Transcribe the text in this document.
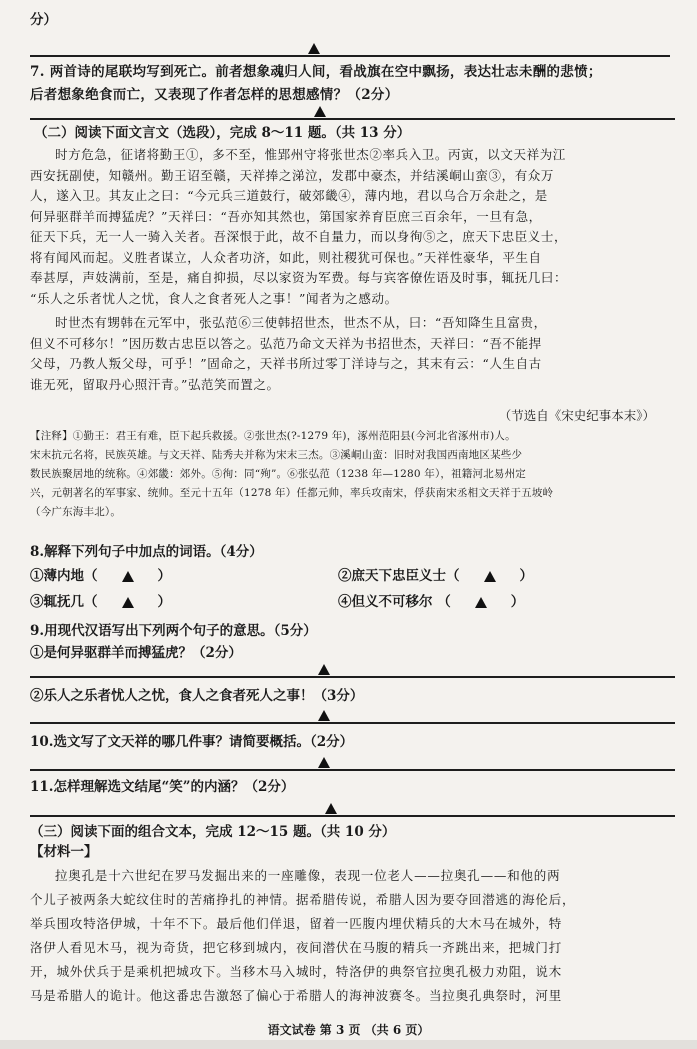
分）
7. 两首诗的尾联均写到死亡。前者想象魂归人间，看战旗在空中飘扬，表达壮志未酬的悲愤；
后者想象绝食而亡，又表现了作者怎样的思想感情？（2分）
（二）阅读下面文言文（选段），完成 8～11 题。（共 13 分）
时方危急，征诸将勤王①，多不至，惟郢州守将张世杰②率兵入卫。丙寅，以文天祥为江
西安抚副使，知赣州。勤王诏至赣，天祥捧之涕泣，发郡中豪杰，并结溪峒山蛮③，有众万
人，遂入卫。其友止之曰：“今元兵三道鼓行，破郊畿④，薄内地，君以乌合万余赴之，是
何异驱群羊而搏猛虎？”天祥曰：“吾亦知其然也，第国家养育臣庶三百余年，一旦有急，
征天下兵，无一人一骑入关者。吾深恨于此，故不自量力，而以身徇⑤之，庶天下忠臣义士，
将有闻风而起。义胜者谋立，人众者功济，如此，则社稷犹可保也。”天祥性豪华，平生自
奉甚厚，声妓满前，至是，痛自抑损，尽以家资为军费。每与宾客僚佐语及时事，辄抚几曰：
“乐人之乐者忧人之忧，食人之食者死人之事！”闻者为之感动。
时世杰有甥韩在元军中，张弘范⑥三使韩招世杰，世杰不从，曰：“吾知降生且富贵，
但义不可移尔！”因历数古忠臣以答之。弘范乃命文天祥为书招世杰，天祥曰：“吾不能捍
父母，乃教人叛父母，可乎！”固命之，天祥书所过零丁洋诗与之，其末有云：“人生自古
谁无死，留取丹心照汗青。”弘范笑而置之。
（节选自《宋史纪事本末》）
【注释】①勤王：君王有难，臣下起兵救援。②张世杰(?-1279 年)，涿州范阳县(今河北省涿州市)人。
宋末抗元名将，民族英雄。与文天祥、陆秀夫并称为宋末三杰。③溪峒山蛮：旧时对我国西南地区某些少
数民族聚居地的统称。④郊畿：郊外。⑤徇：同“殉”。⑥张弘范（1238 年—1280 年），祖籍河北易州定
兴，元朝著名的军事家、统帅。至元十五年（1278 年）任都元帅，率兵攻南宋，俘获南宋丞相文天祥于五坡岭
（今广东海丰北）。
8.解释下列句子中加点的词语。（4分）
①薄内地（	）	②庶天下忠臣义士（	）
③辄抚几（	）	④但义不可移尔 （	）
9.用现代汉语写出下列两个句子的意思。（5分）
①是何异驱群羊而搏猛虎？（2分）
②乐人之乐者忧人之忧，食人之食者死人之事！（3分）
10.选文写了文天祥的哪几件事？请简要概括。（2分）
11.怎样理解选文结尾“笑”的内涵？（2分）
（三）阅读下面的组合文本，完成 12～15 题。（共 10 分）
【材料一】
拉奥孔是十六世纪在罗马发掘出来的一座雕像，表现一位老人——拉奥孔——和他的两
个儿子被两条大蛇纹住时的苦痛挣扎的神情。据希腊传说，希腊人因为要夺回潜逃的海伦后，
举兵围攻特洛伊城，十年不下。最后他们佯退，留着一匹腹内埋伏精兵的大木马在城外，特
洛伊人看见木马，视为奇货，把它移到城内，夜间潜伏在马腹的精兵一齐跳出来，把城门打
开，城外伏兵于是乘机把城攻下。当移木马入城时，特洛伊的典祭官拉奥孔极力劝阻，说木
马是希腊人的诡计。他这番忠告激怒了偏心于希腊人的海神波赛冬。当拉奥孔典祭时，河里
语文试卷 第 3 页 （共 6 页）
